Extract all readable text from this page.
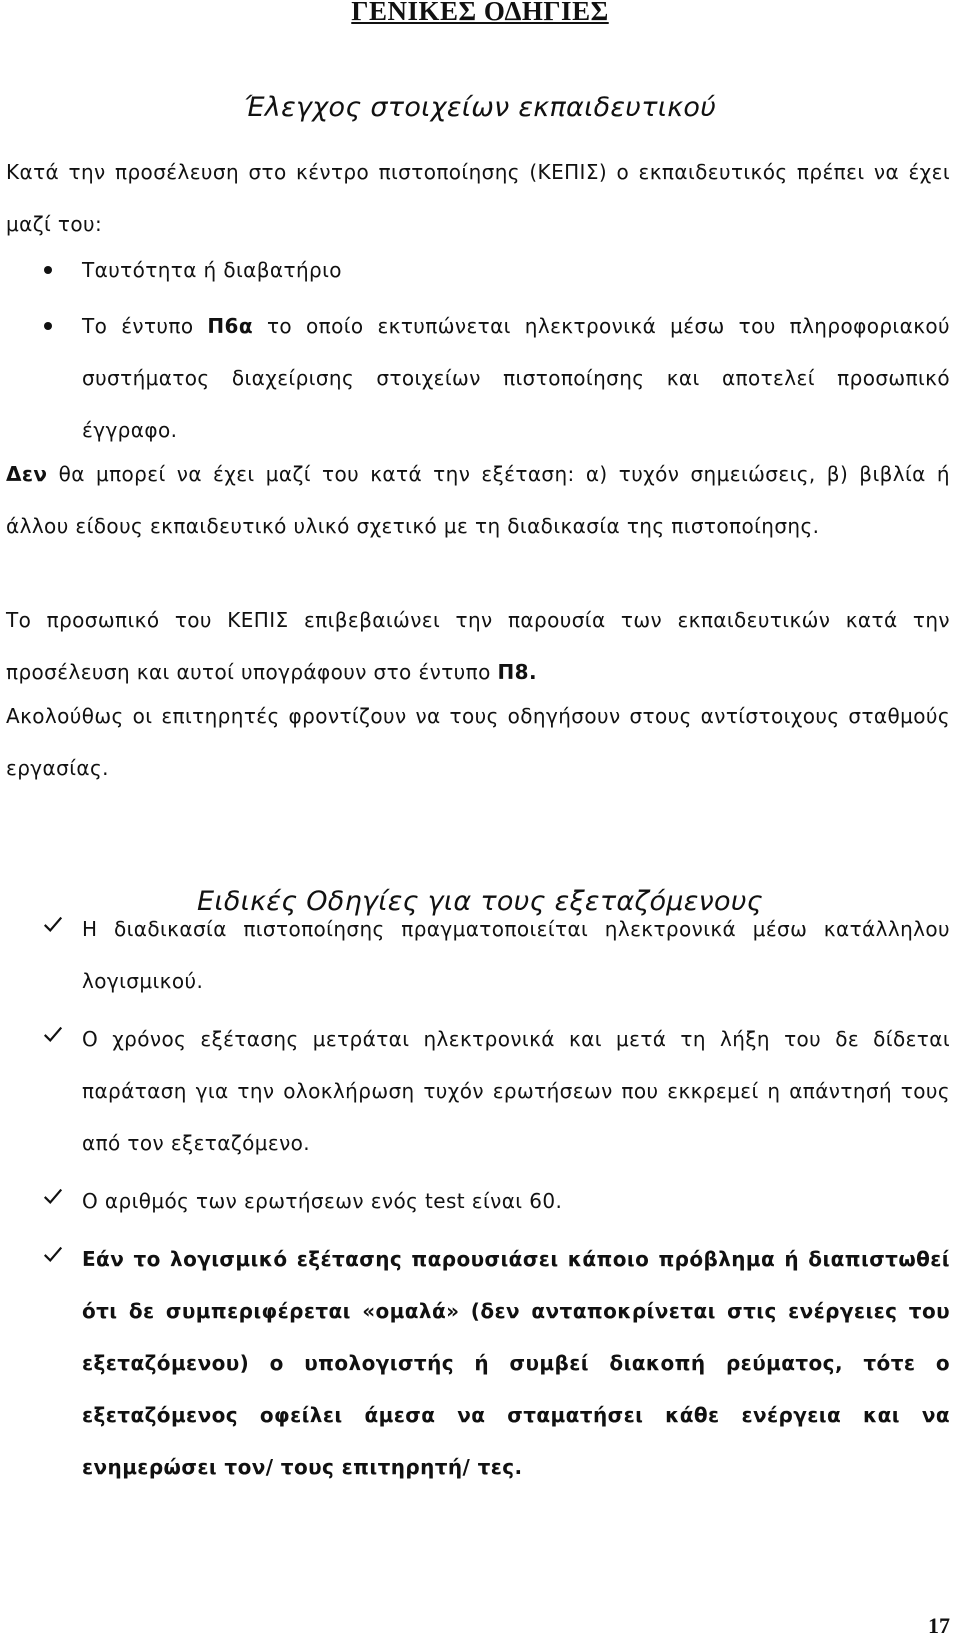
ΓΕΝΙΚΕΣ ΟΔΗΓΙΕΣ
Έλεγχος στοιχείων εκπαιδευτικού

Κατά την προσέλευση στο κέντρο πιστοποίησης (ΚΕΠΙΣ) ο εκπαιδευτικός πρέπει να έχει μαζί του:

Ταυτότητα ή διαβατήριο
Το έντυπο Π6α το οποίο εκτυπώνεται ηλεκτρονικά μέσω του πληροφοριακού συστήματος διαχείρισης στοιχείων πιστοποίησης και αποτελεί προσωπικό έγγραφο.

Δεν θα μπορεί να έχει μαζί του κατά την εξέταση: α) τυχόν σημειώσεις, β) βιβλία ή άλλου είδους εκπαιδευτικό υλικό σχετικό με τη διαδικασία της πιστοποίησης.

Το προσωπικό του ΚΕΠΙΣ επιβεβαιώνει την παρουσία των εκπαιδευτικών κατά την προσέλευση και αυτοί υπογράφουν στο έντυπο Π8.

Ακολούθως οι επιτηρητές φροντίζουν να τους οδηγήσουν στους αντίστοιχους σταθμούς εργασίας.

Ειδικές Οδηγίες για τους εξεταζόμενους
Η διαδικασία πιστοποίησης πραγματοποιείται ηλεκτρονικά μέσω κατάλληλου λογισμικού.
Ο χρόνος εξέτασης μετράται ηλεκτρονικά και μετά τη λήξη του δε δίδεται παράταση για την ολοκλήρωση τυχόν ερωτήσεων που εκκρεμεί η απάντησή τους από τον εξεταζόμενο.
Ο αριθμός των ερωτήσεων ενός test είναι 60.
Εάν το λογισμικό εξέτασης παρουσιάσει κάποιο πρόβλημα ή διαπιστωθεί ότι δε συμπεριφέρεται «ομαλά» (δεν ανταποκρίνεται στις ενέργειες του εξεταζόμενου) ο υπολογιστής ή συμβεί διακοπή ρεύματος, τότε ο εξεταζόμενος οφείλει άμεσα να σταματήσει κάθε ενέργεια και να ενημερώσει τον/ τους επιτηρητή/ τες.
17
